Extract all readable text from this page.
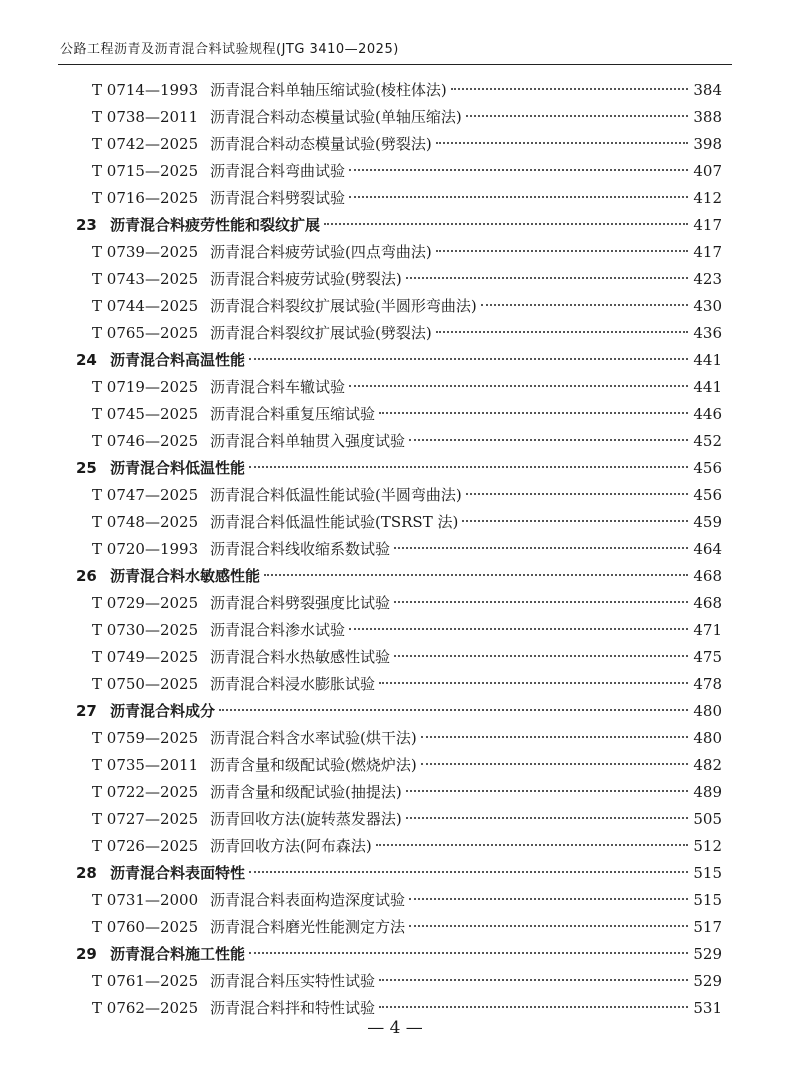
公路工程沥青及沥青混合料试验规程(JTG 3410—2025)
T 0714—1993 沥青混合料单轴压缩试验(棱柱体法)	384
T 0738—2011 沥青混合料动态模量试验(单轴压缩法)	388
T 0742—2025 沥青混合料动态模量试验(劈裂法)	398
T 0715—2025 沥青混合料弯曲试验	407
T 0716—2025 沥青混合料劈裂试验	412
23 沥青混合料疲劳性能和裂纹扩展	417
T 0739—2025 沥青混合料疲劳试验(四点弯曲法)	417
T 0743—2025 沥青混合料疲劳试验(劈裂法)	423
T 0744—2025 沥青混合料裂纹扩展试验(半圆形弯曲法)	430
T 0765—2025 沥青混合料裂纹扩展试验(劈裂法)	436
24 沥青混合料高温性能	441
T 0719—2025 沥青混合料车辙试验	441
T 0745—2025 沥青混合料重复压缩试验	446
T 0746—2025 沥青混合料单轴贯入强度试验	452
25 沥青混合料低温性能	456
T 0747—2025 沥青混合料低温性能试验(半圆弯曲法)	456
T 0748—2025 沥青混合料低温性能试验(TSRST 法)	459
T 0720—1993 沥青混合料线收缩系数试验	464
26 沥青混合料水敏感性能	468
T 0729—2025 沥青混合料劈裂强度比试验	468
T 0730—2025 沥青混合料渗水试验	471
T 0749—2025 沥青混合料水热敏感性试验	475
T 0750—2025 沥青混合料浸水膨胀试验	478
27 沥青混合料成分	480
T 0759—2025 沥青混合料含水率试验(烘干法)	480
T 0735—2011 沥青含量和级配试验(燃烧炉法)	482
T 0722—2025 沥青含量和级配试验(抽提法)	489
T 0727—2025 沥青回收方法(旋转蒸发器法)	505
T 0726—2025 沥青回收方法(阿布森法)	512
28 沥青混合料表面特性	515
T 0731—2000 沥青混合料表面构造深度试验	515
T 0760—2025 沥青混合料磨光性能测定方法	517
29 沥青混合料施工性能	529
T 0761—2025 沥青混合料压实特性试验	529
T 0762—2025 沥青混合料拌和特性试验	531
— 4 —
